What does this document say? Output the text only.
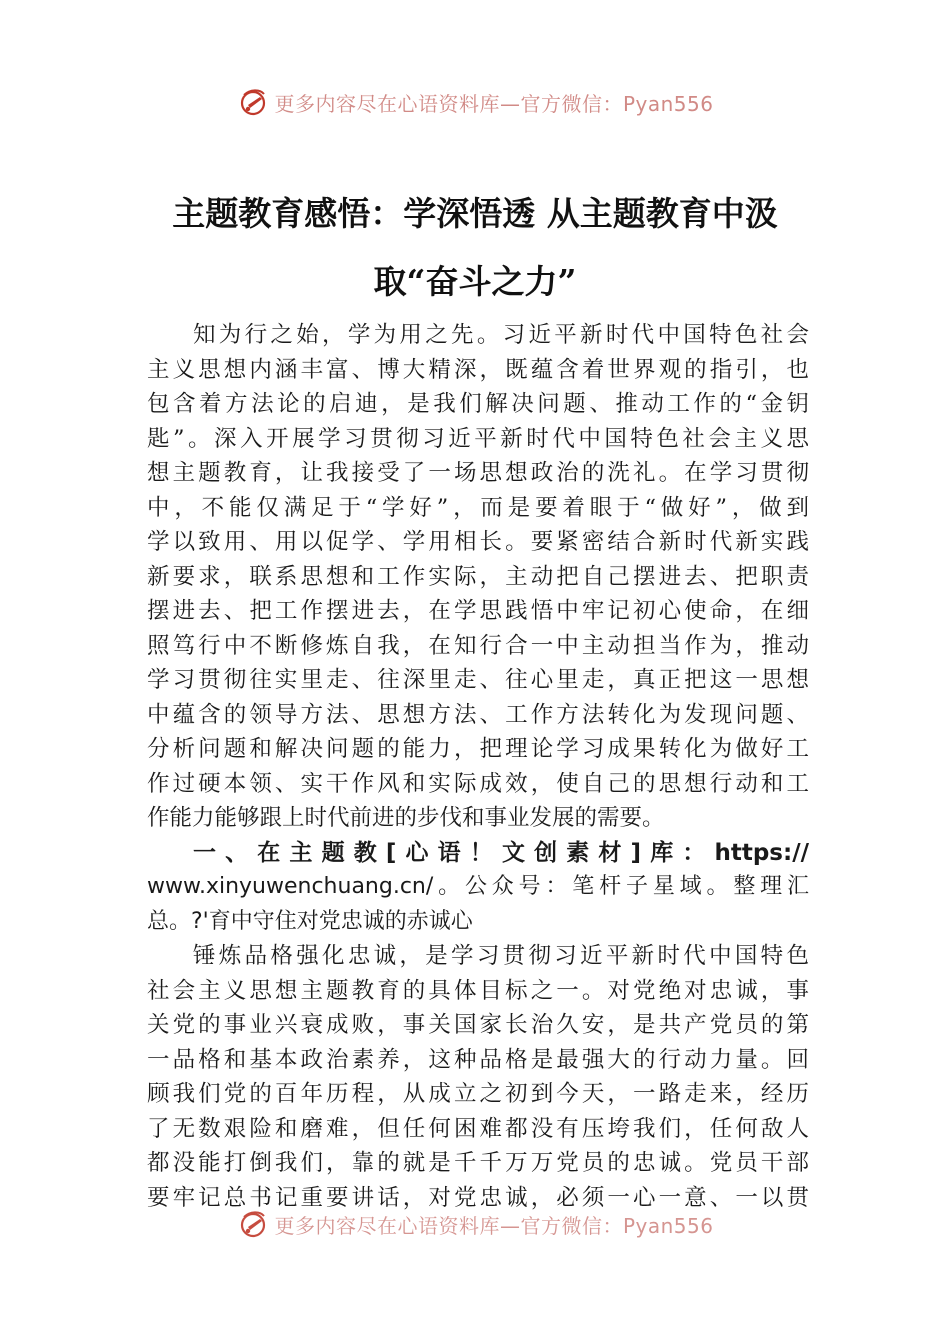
更多内容尽在心语资料库—官方微信：Pyan556
主题教育感悟：学深悟透 从主题教育中汲
取“奋斗之力”
知为行之始，学为用之先。习近平新时代中国特色社会
主义思想内涵丰富、博大精深，既蕴含着世界观的指引，也
包含着方法论的启迪，是我们解决问题、推动工作的“金钥
匙”。深入开展学习贯彻习近平新时代中国特色社会主义思
想主题教育，让我接受了一场思想政治的洗礼。在学习贯彻
中，不能仅满足于“学好”，而是要着眼于“做好”，做到
学以致用、用以促学、学用相长。要紧密结合新时代新实践
新要求，联系思想和工作实际，主动把自己摆进去、把职责
摆进去、把工作摆进去，在学思践悟中牢记初心使命，在细
照笃行中不断修炼自我，在知行合一中主动担当作为，推动
学习贯彻往实里走、往深里走、往心里走，真正把这一思想
中蕴含的领导方法、思想方法、工作方法转化为发现问题、
分析问题和解决问题的能力，把理论学习成果转化为做好工
作过硬本领、实干作风和实际成效，使自己的思想行动和工
作能力能够跟上时代前进的步伐和事业发展的需要。
一、在主题教[心语！文创素材]库：https://
www.xinyuwenchuang.cn/。公众号：笔杆子星域。整理汇
总。?'育中守住对党忠诚的赤诚心
锤炼品格强化忠诚，是学习贯彻习近平新时代中国特色
社会主义思想主题教育的具体目标之一。对党绝对忠诚，事
关党的事业兴衰成败，事关国家长治久安，是共产党员的第
一品格和基本政治素养，这种品格是最强大的行动力量。回
顾我们党的百年历程，从成立之初到今天，一路走来，经历
了无数艰险和磨难，但任何困难都没有压垮我们，任何敌人
都没能打倒我们，靠的就是千千万万党员的忠诚。党员干部
要牢记总书记重要讲话，对党忠诚，必须一心一意、一以贯
更多内容尽在心语资料库—官方微信：Pyan556
